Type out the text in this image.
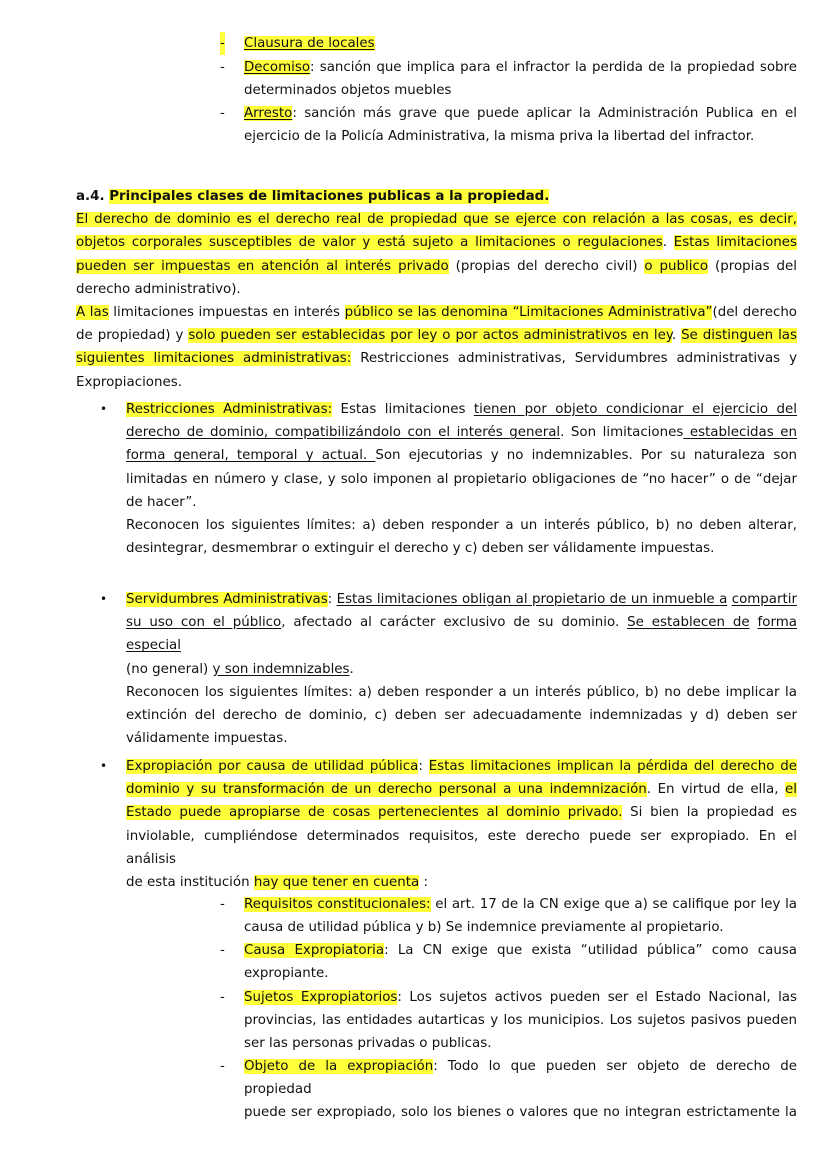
- Clausura de locales
- Decomiso: sanción que implica para el infractor la perdida de la propiedad sobre
determinados objetos muebles
- Arresto: sanción más grave que puede aplicar la Administración Publica en el
ejercicio de la Policía Administrativa, la misma priva la libertad del infractor.
a.4. Principales clases de limitaciones publicas a la propiedad.
El derecho de dominio es el derecho real de propiedad que se ejerce con relación a las cosas, es decir,
objetos corporales susceptibles de valor y está sujeto a limitaciones o regulaciones. Estas limitaciones
pueden ser impuestas en atención al interés privado (propias del derecho civil) o publico (propias del
derecho administrativo).
A las limitaciones impuestas en interés público se las denomina “Limitaciones Administrativa”(del derecho
de propiedad) y solo pueden ser establecidas por ley o por actos administrativos en ley. Se distinguen las
siguientes limitaciones administrativas: Restricciones administrativas, Servidumbres administrativas y
Expropiaciones.
• Restricciones Administrativas: Estas limitaciones tienen por objeto condicionar el ejercicio del
derecho de dominio, compatibilizándolo con el interés general. Son limitaciones establecidas en
forma general, temporal y actual. Son ejecutorias y no indemnizables. Por su naturaleza son
limitadas en número y clase, y solo imponen al propietario obligaciones de “no hacer” o de “dejar
de hacer”.
Reconocen los siguientes límites: a) deben responder a un interés público, b) no deben alterar,
desintegrar, desmembrar o extinguir el derecho y c) deben ser válidamente impuestas.
• Servidumbres Administrativas: Estas limitaciones obligan al propietario de un inmueble a compartir
su uso con el público, afectado al carácter exclusivo de su dominio. Se establecen de forma especial
(no general) y son indemnizables.
Reconocen los siguientes límites: a) deben responder a un interés público, b) no debe implicar la
extinción del derecho de dominio, c) deben ser adecuadamente indemnizadas y d) deben ser
válidamente impuestas.
• Expropiación por causa de utilidad pública: Estas limitaciones implican la pérdida del derecho de
dominio y su transformación de un derecho personal a una indemnización. En virtud de ella, el
Estado puede apropiarse de cosas pertenecientes al dominio privado. Si bien la propiedad es
inviolable, cumpliéndose determinados requisitos, este derecho puede ser expropiado. En el análisis
de esta institución hay que tener en cuenta :
- Requisitos constitucionales: el art. 17 de la CN exige que a) se califique por ley la
causa de utilidad pública y b) Se indemnice previamente al propietario.
- Causa Expropiatoria: La CN exige que exista “utilidad pública” como causa
expropiante.
- Sujetos Expropiatorios: Los sujetos activos pueden ser el Estado Nacional, las
provincias, las entidades autarticas y los municipios. Los sujetos pasivos pueden
ser las personas privadas o publicas.
- Objeto de la expropiación: Todo lo que pueden ser objeto de derecho de propiedad
puede ser expropiado, solo los bienes o valores que no integran estrictamente la
